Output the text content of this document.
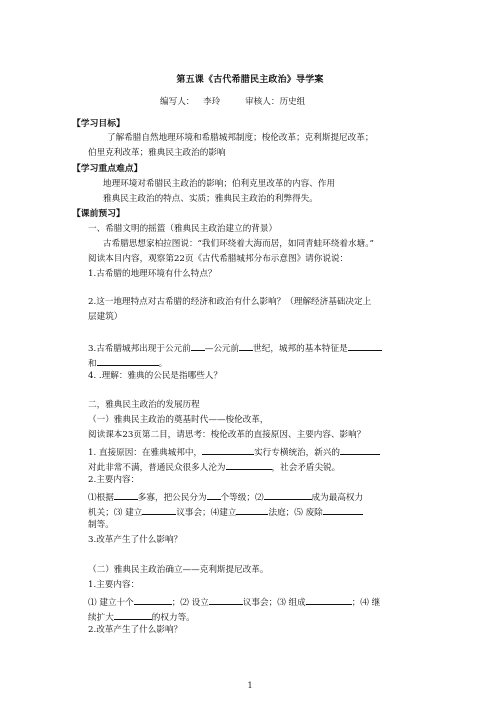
第五课《古代希腊民主政治》导学案
编写人： 李玲	审核人：历史组
【学习目标】
了解希腊自然地理环境和希腊城邦制度；梭伦改革；克利斯提尼改革；
伯里克利改革；雅典民主政治的影响
【学习重点难点】
地理环境对希腊民主政治的影响；伯利克里改革的内容、作用
雅典民主政治的特点、实质；雅典民主政治的利弊得失。
【课前预习】
一、希腊文明的摇篮（雅典民主政治建立的背景）
古希腊思想家柏拉图说：“我们环绕着大海而居，如同青蛙环绕着水塘。”
阅读本目内容，观察第22页《古代希腊城邦分布示意图》请你说说：
1.古希腊的地理环境有什么特点？
2.这一地理特点对古希腊的经济和政治有什么影响？（理解经济基础决定上
层建筑）
3.古希腊城邦出现于公元前 —公元前 世纪，城邦的基本特征是
和	。
4. .理解：雅典的公民是指哪些人？
二，雅典民主政治的发展历程
（一）雅典民主政治的奠基时代——梭伦改革，
阅读课本23页第二目，请思考：梭伦改革的直接原因、主要内容、影响？
1. 直接原因：在雅典城邦中，	实行专横统治，新兴的
对此非常不满，普通民众很多人沦为	，社会矛盾尖锐。
2.主要内容：
⑴根据	多寡，把公民分为 个等级；⑵	成为最高权力
机关；⑶ 建立	议事会；⑷建立	法庭；⑸ 废除
制等。
3.改革产生了什么影响？
（二）雅典民主政治确立——克利斯提尼改革。
1.主要内容：
⑴ 建立十个	；⑵ 设立	议事会；⑶ 组成	；⑷ 继
续扩大	的权力等。
2.改革产生了什么影响？
1
